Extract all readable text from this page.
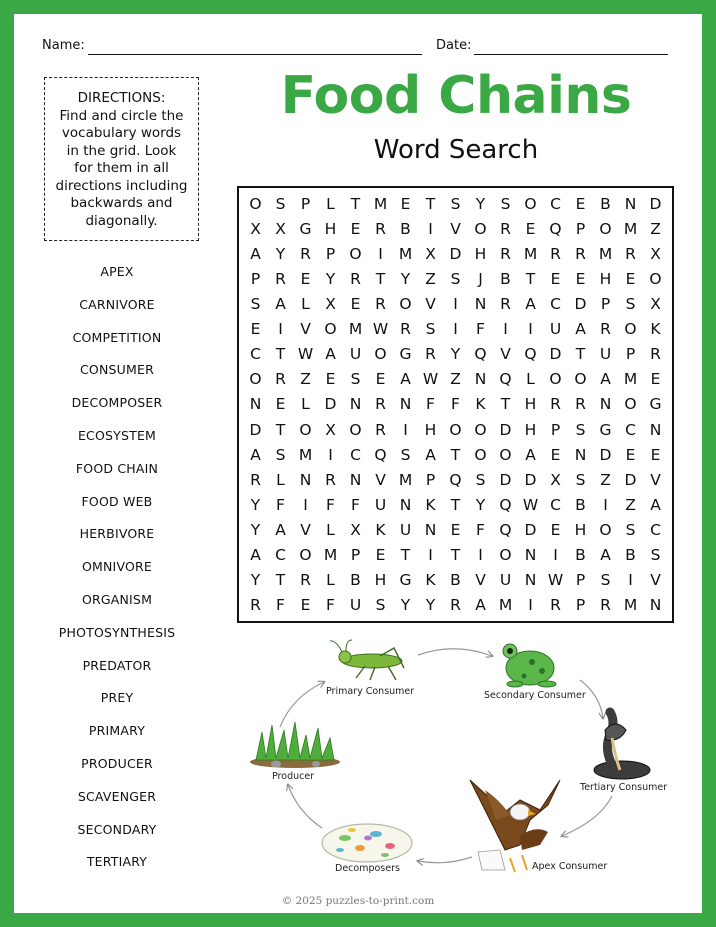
Name:	Date:
Food Chains
Word Search
DIRECTIONS:
Find and circle the
vocabulary words
in the grid. Look
for them in all
directions including
backwards and
diagonally.
APEX
CARNIVORE
COMPETITION
CONSUMER
DECOMPOSER
ECOSYSTEM
FOOD CHAIN
FOOD WEB
HERBIVORE
OMNIVORE
ORGANISM
PHOTOSYNTHESIS
PREDATOR
PREY
PRIMARY
PRODUCER
SCAVENGER
SECONDARY
TERTIARY
O S P	L	T M E T S Y S O C E B N D
X X G H E R B	I	V O R E Q P O M Z
A Y R P O	I	M X D H R M R R M R X
P R E Y R T	Y Z S	J	B T E E H E O
S A L X E R O V	I	N R A C D P S X
E	I	V O M W R S	I	F	I	I	U A R O K
C T W A U O G R Y Q V Q D T U P R
O R Z E S E A W Z N Q L O O A M E
N E	L D N R N F	F K T H R R N O G
D T O X O R	I	H O O D H P S G C N
A S M	I	C Q S A T O O A E N D E E
R L N R N V M P Q S D D X S Z D V
Y	F	I	F	F U N K T	Y Q W C B	I	Z A
Y A V L X K U N E	F Q D E H O S C
A C O M P E T	I	T	I	O N	I	B A B S
Y	T R L B H G K B V U N W P S	I	V
R F	E	F U S Y	Y R A M	I	R P R M N
Primary Consumer	Secondary Consumer
Tertiary Consumer
Apex Consumer
Decomposers
Producer
© 2025 puzzles-to-print.com
